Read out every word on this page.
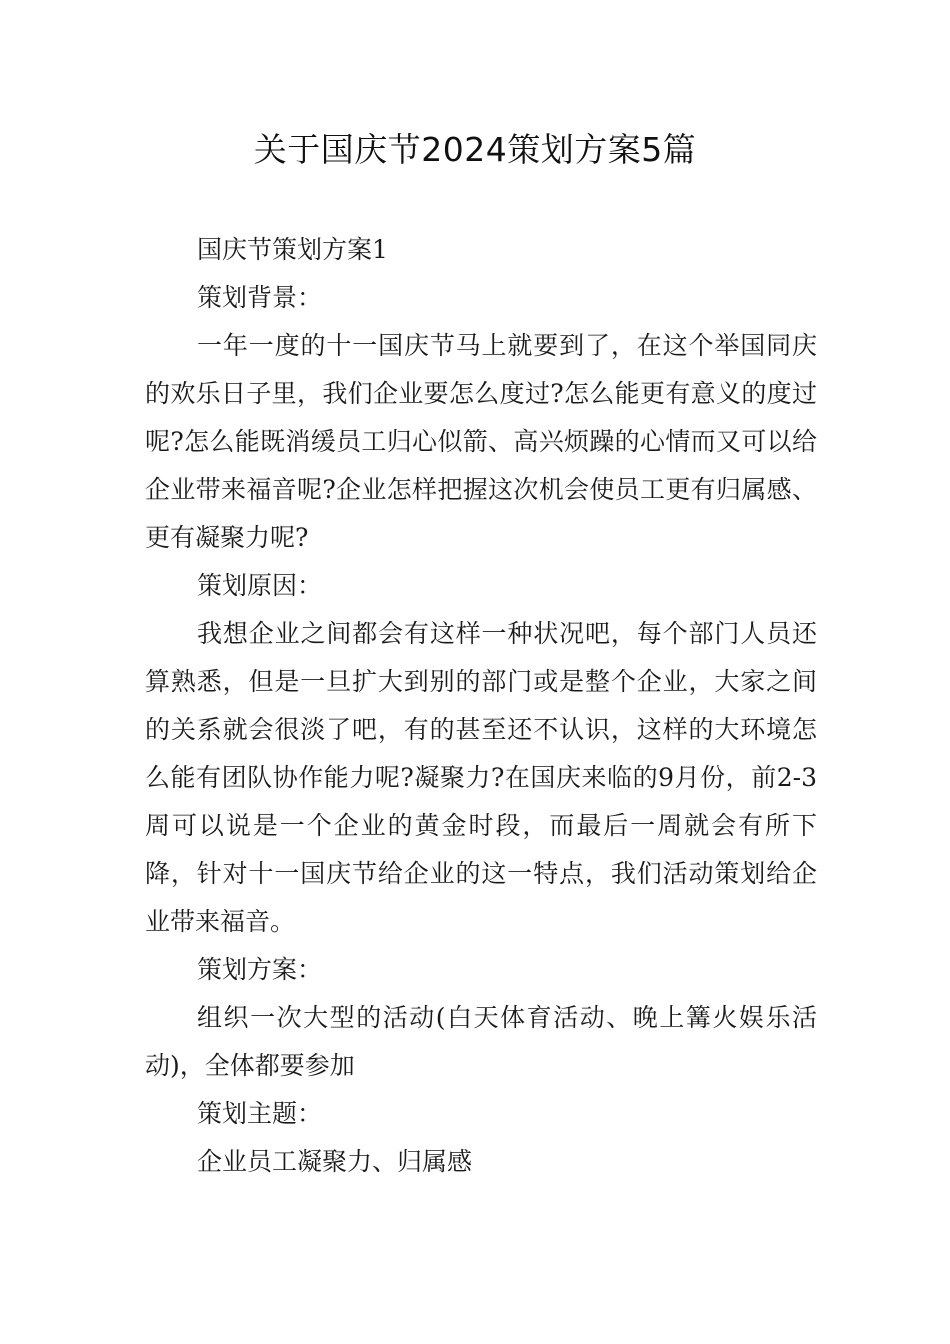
关于国庆节2024策划方案5篇

国庆节策划方案1

策划背景：

一年一度的十一国庆节马上就要到了，在这个举国同庆的欢乐日子里，我们企业要怎么度过?怎么能更有意义的度过呢?怎么能既消缓员工归心似箭、高兴烦躁的心情而又可以给企业带来福音呢?企业怎样把握这次机会使员工更有归属感、更有凝聚力呢?

策划原因：

我想企业之间都会有这样一种状况吧，每个部门人员还算熟悉，但是一旦扩大到别的部门或是整个企业，大家之间的关系就会很淡了吧，有的甚至还不认识，这样的大环境怎么能有团队协作能力呢?凝聚力?在国庆来临的9月份，前2-3周可以说是一个企业的黄金时段，而最后一周就会有所下降，针对十一国庆节给企业的这一特点，我们活动策划给企业带来福音。

策划方案：

组织一次大型的活动(白天体育活动、晚上篝火娱乐活动)，全体都要参加

策划主题：

企业员工凝聚力、归属感
